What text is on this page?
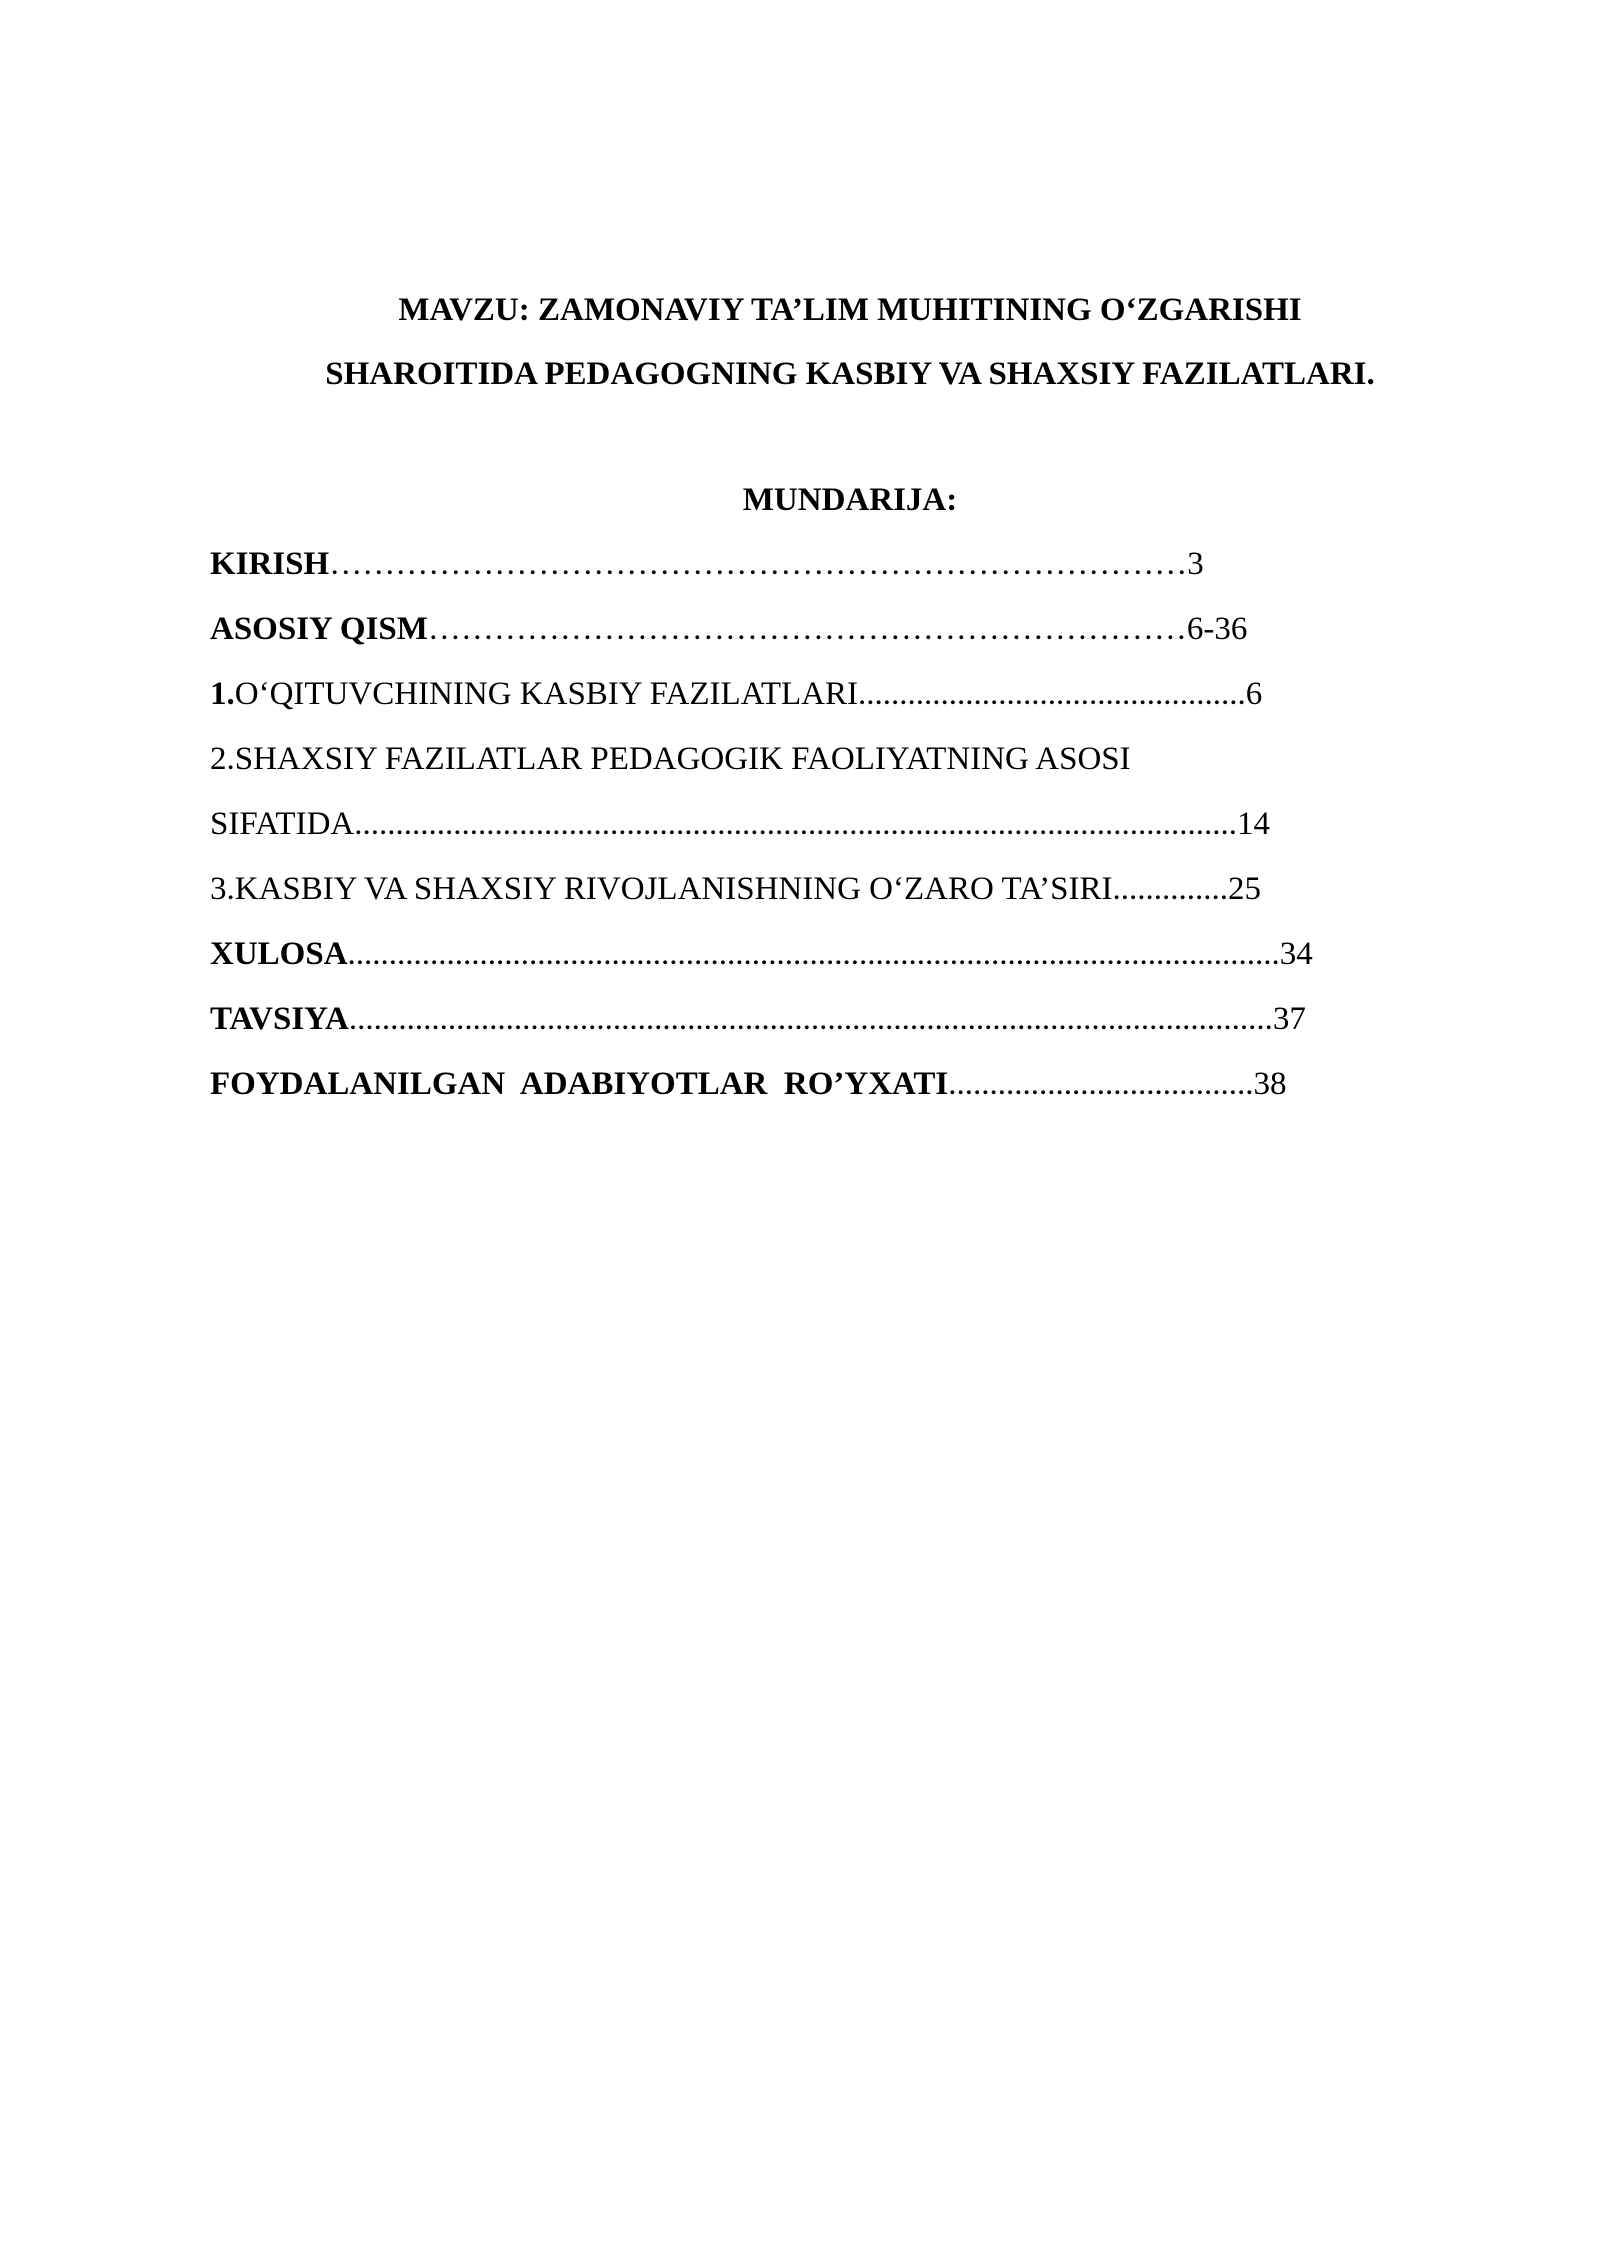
MAVZU: ZAMONAVIY TA’LIM MUHITINING O‘ZGARISHI
SHAROITIDA PEDAGOGNING KASBIY VA SHAXSIY FAZILATLARI.
MUNDARIJA:
KIRISH……………………………………………………………………3
ASOSIY QISM……………………………………………………………6-36
1.O‘QITUVCHINING KASBIY FAZILATLARI...............................................6
2.SHAXSIY FAZILATLAR PEDAGOGIK FAOLIYATNING ASOSI
SIFATIDA...........................................................................................................14
3.KASBIY VA SHAXSIY RIVOJLANISHNING O‘ZARO TA’SIRI..............25
XULOSA.................................................................................................................34
TAVSIYA................................................................................................................37
FOYDALANILGAN  ADABIYOTLAR  RO’YXATI.....................................38
